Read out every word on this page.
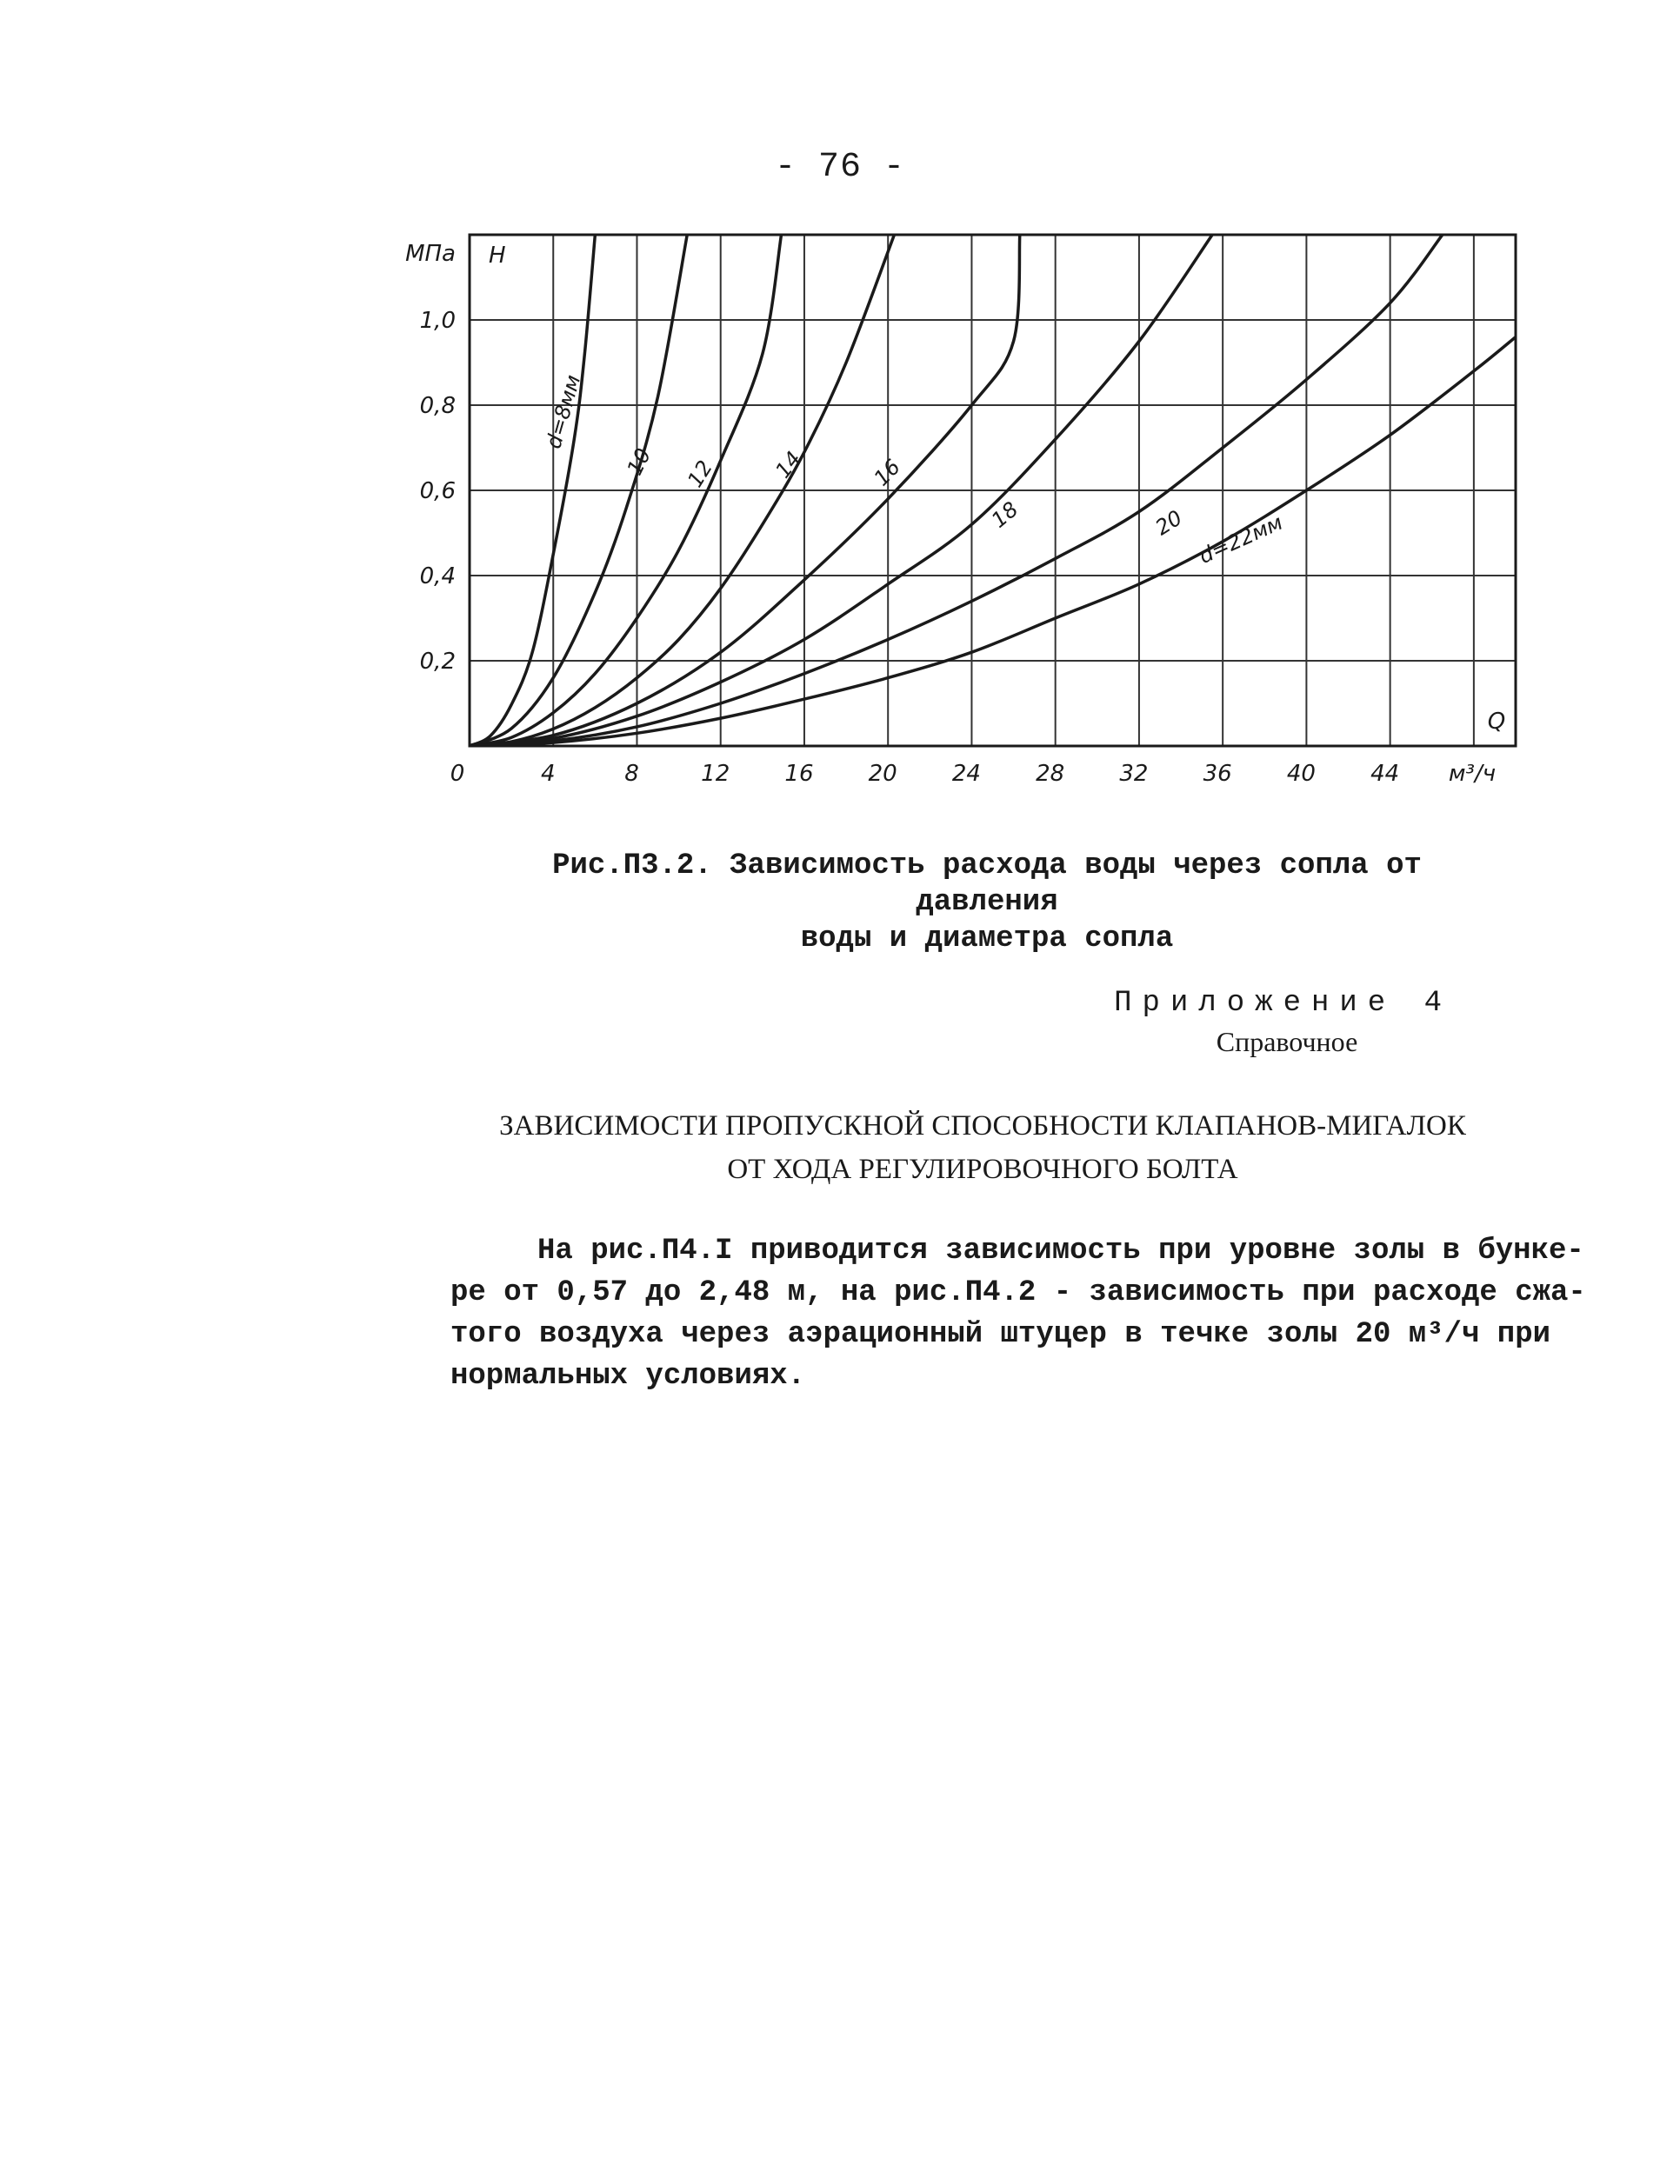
- 76 -
0	4	8	12 16 20 24 28 32 36 40 44 м³/ч
Q
0,2
0,4
0,6
0,8
1,0
МПа H
d=8мм
10 12	14	16
18	20 d=22мм
Рис.П3.2. Зависимость расхода воды через сопла от давления
воды и диаметра сопла
Приложение 4
Справочное
ЗАВИСИМОСТИ ПРОПУСКНОЙ СПОСОБНОСТИ КЛАПАНОВ-МИГАЛОК
ОТ ХОДА РЕГУЛИРОВОЧНОГО БОЛТА
На рис.П4.I приводится зависимость при уровне золы в бунке-
ре от 0,57 до 2,48 м, на рис.П4.2 - зависимость при расходе сжа-
того воздуха через аэрационный штуцер в течке золы 20 м³/ч при
нормальных условиях.
